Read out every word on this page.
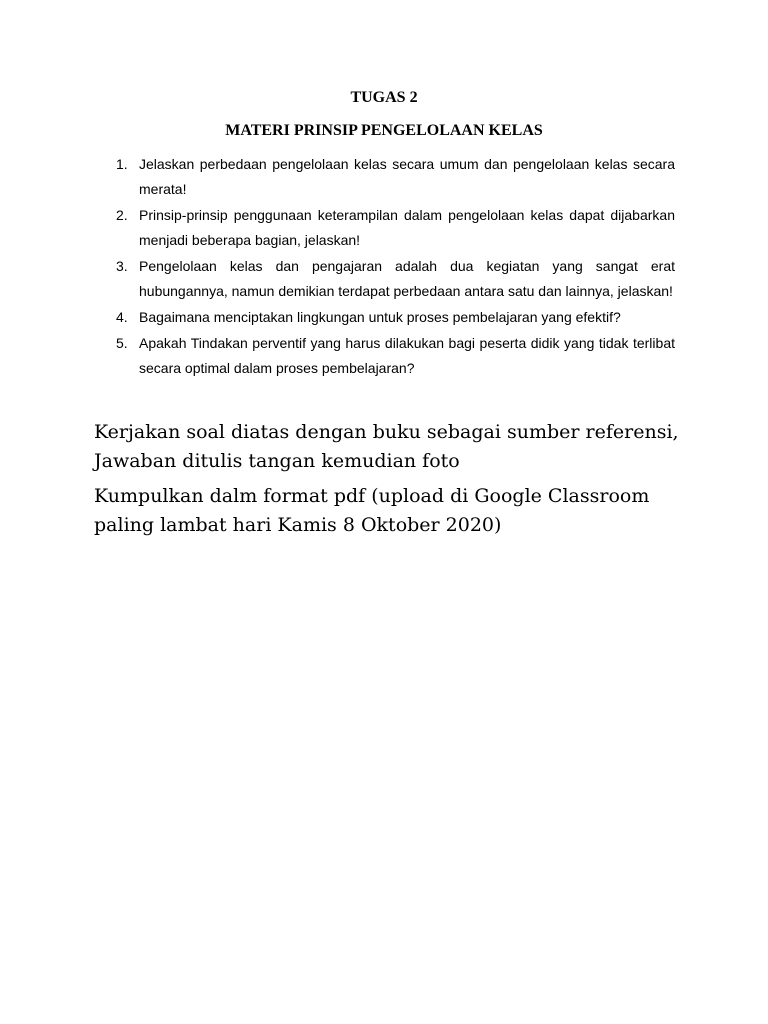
TUGAS 2
MATERI PRINSIP PENGELOLAAN KELAS
1. Jelaskan perbedaan pengelolaan kelas secara umum dan pengelolaan kelas secara merata!
2. Prinsip-prinsip penggunaan keterampilan dalam pengelolaan kelas dapat dijabarkan menjadi beberapa bagian, jelaskan!
3. Pengelolaan kelas dan pengajaran adalah dua kegiatan yang sangat erat hubungannya, namun demikian terdapat perbedaan antara satu dan lainnya, jelaskan!
4. Bagaimana menciptakan lingkungan untuk proses pembelajaran yang efektif?
5. Apakah Tindakan perventif yang harus dilakukan bagi peserta didik yang tidak terlibat secara optimal dalam proses pembelajaran?

Kerjakan soal diatas dengan buku sebagai sumber referensi, Jawaban ditulis tangan kemudian foto

Kumpulkan dalm format pdf (upload di Google Classroom paling lambat hari Kamis 8 Oktober 2020)
